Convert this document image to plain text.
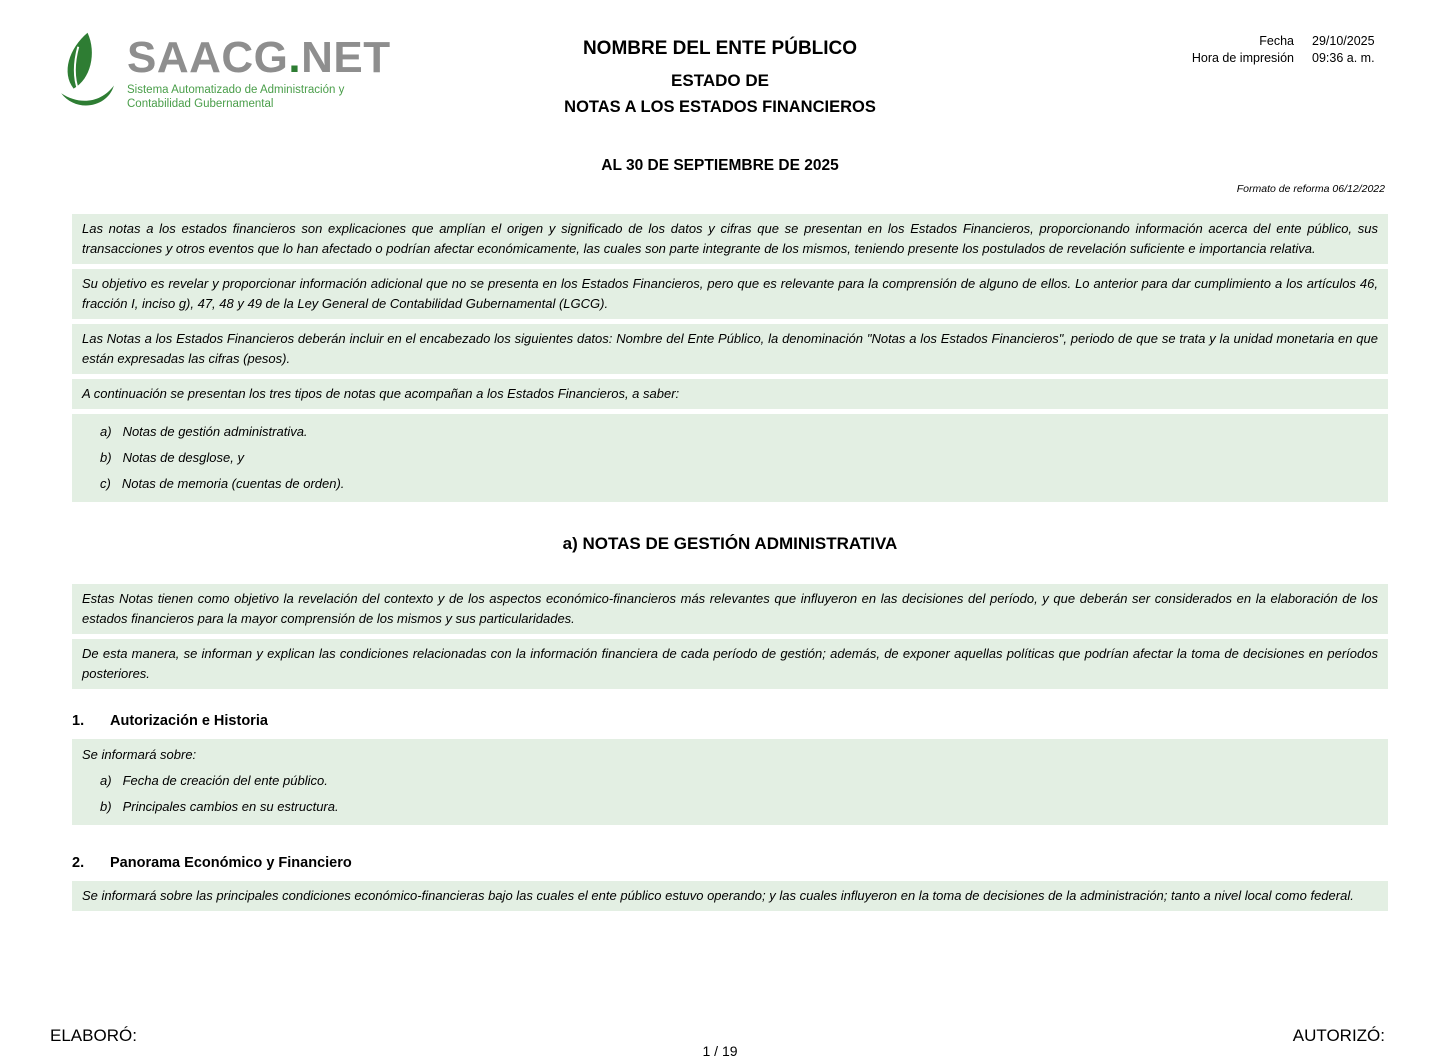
SAACG.NET
Sistema Automatizado de Administración y
Contabilidad Gubernamental
NOMBRE DEL ENTE PÚBLICO
ESTADO DE
NOTAS A LOS ESTADOS FINANCIEROS
Fecha 29/10/2025
Hora de impresión 09:36 a. m.
AL 30 DE SEPTIEMBRE DE 2025
Formato de reforma 06/12/2022
Las notas a los estados financieros son explicaciones que amplían el origen y significado de los datos y cifras que se presentan en los Estados Financieros, proporcionando información acerca del ente público, sus transacciones y otros eventos que lo han afectado o podrían afectar económicamente, las cuales son parte integrante de los mismos, teniendo presente los postulados de revelación suficiente e importancia relativa.
Su objetivo es revelar y proporcionar información adicional que no se presenta en los Estados Financieros, pero que es relevante para la comprensión de alguno de ellos. Lo anterior para dar cumplimiento a los artículos 46, fracción I, inciso g), 47, 48 y 49 de la Ley General de Contabilidad Gubernamental (LGCG).
Las Notas a los Estados Financieros deberán incluir en el encabezado los siguientes datos: Nombre del Ente Público, la denominación "Notas a los Estados Financieros", periodo de que se trata y la unidad monetaria en que están expresadas las cifras (pesos).
A continuación se presentan los tres tipos de notas que acompañan a los Estados Financieros, a saber:
a) Notas de gestión administrativa.
b) Notas de desglose, y
c) Notas de memoria (cuentas de orden).
a) NOTAS DE GESTIÓN ADMINISTRATIVA
Estas Notas tienen como objetivo la revelación del contexto y de los aspectos económico-financieros más relevantes que influyeron en las decisiones del período, y que deberán ser considerados en la elaboración de los estados financieros para la mayor comprensión de los mismos y sus particularidades.
De esta manera, se informan y explican las condiciones relacionadas con la información financiera de cada período de gestión; además, de exponer aquellas políticas que podrían afectar la toma de decisiones en períodos posteriores.
1. Autorización e Historia
Se informará sobre:
a) Fecha de creación del ente público.
b) Principales cambios en su estructura.
2. Panorama Económico y Financiero
Se informará sobre las principales condiciones económico-financieras bajo las cuales el ente público estuvo operando; y las cuales influyeron en la toma de decisiones de la administración; tanto a nivel local como federal.
ELABORÓ:	AUTORIZÓ:
1 / 19
